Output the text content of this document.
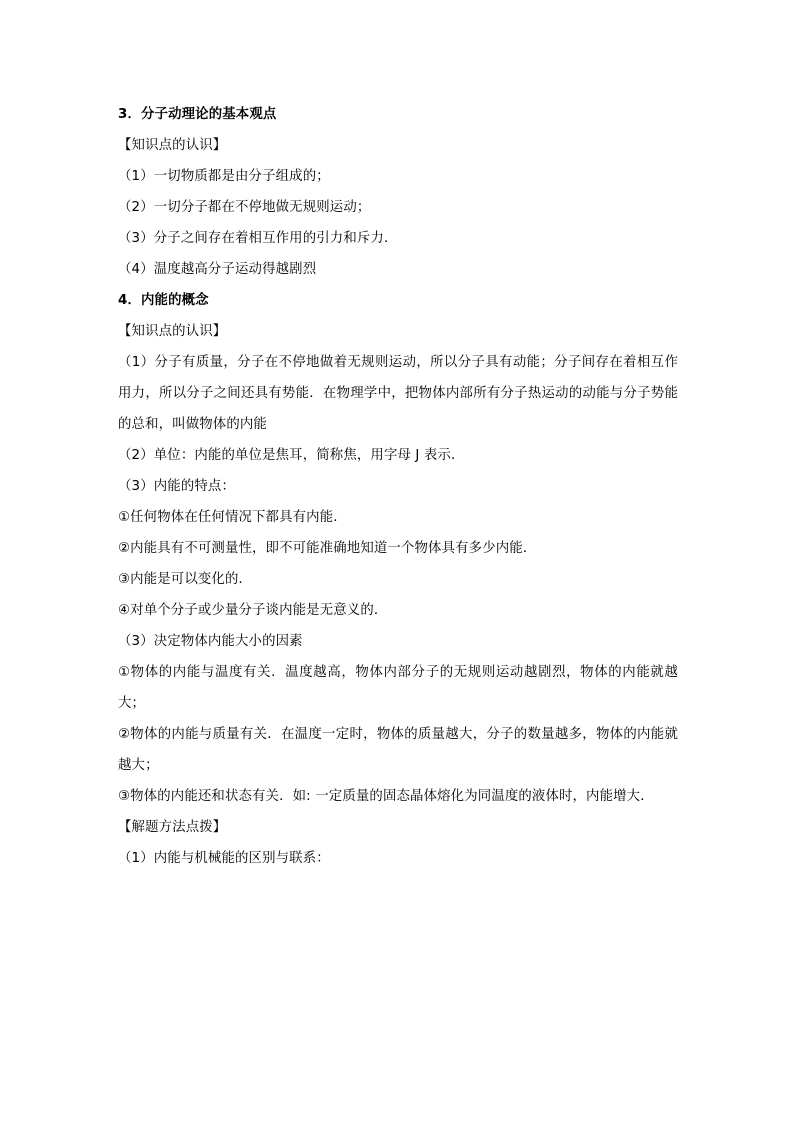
3．分子动理论的基本观点
【知识点的认识】
（1）一切物质都是由分子组成的；
（2）一切分子都在不停地做无规则运动；
（3）分子之间存在着相互作用的引力和斥力．
（4）温度越高分子运动得越剧烈
4．内能的概念
【知识点的认识】
（1）分子有质量，分子在不停地做着无规则运动，所以分子具有动能；分子间存在着相互作用力，所以分子之间还具有势能．在物理学中，把物体内部所有分子热运动的动能与分子势能的总和，叫做物体的内能
（2）单位：内能的单位是焦耳，简称焦，用字母 J 表示．
（3）内能的特点：
①任何物体在任何情况下都具有内能．
②内能具有不可测量性，即不可能准确地知道一个物体具有多少内能．
③内能是可以变化的．
④对单个分子或少量分子谈内能是无意义的．
（3）决定物体内能大小的因素
①物体的内能与温度有关．温度越高，物体内部分子的无规则运动越剧烈，物体的内能就越大；
②物体的内能与质量有关．在温度一定时，物体的质量越大，分子的数量越多，物体的内能就越大；
③物体的内能还和状态有关．如: 一定质量的固态晶体熔化为同温度的液体时，内能增大．
【解题方法点拨】
（1）内能与机械能的区别与联系：
